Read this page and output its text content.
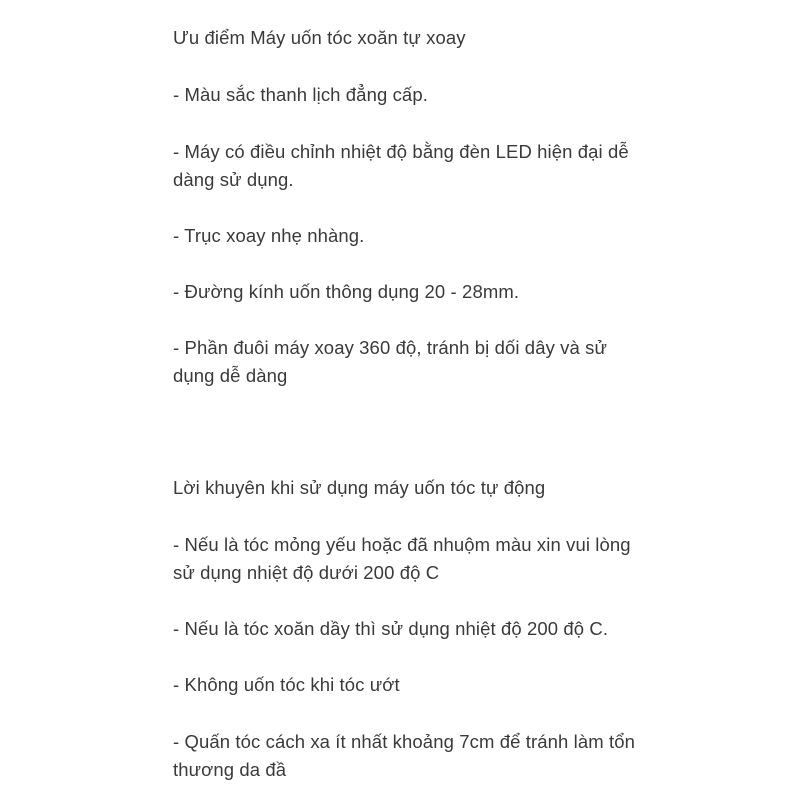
Ưu điểm Máy uốn tóc xoăn tự xoay
- Màu sắc thanh lịch đẳng cấp.
- Máy có điều chỉnh nhiệt độ bằng đèn LED hiện đại dễ
dàng sử dụng.
- Trục xoay nhẹ nhàng.
- Đường kính uốn thông dụng 20 - 28mm.
- Phần đuôi máy xoay 360 độ, tránh bị dối dây và sử
dụng dễ dàng
Lời khuyên khi sử dụng máy uốn tóc tự động
- Nếu là tóc mỏng yếu hoặc đã nhuộm màu xin vui lòng
sử dụng nhiệt độ dưới 200 độ C
- Nếu là tóc xoăn dầy thì sử dụng nhiệt độ 200 độ C.
- Không uốn tóc khi tóc ướt
- Quấn tóc cách xa ít nhất khoảng 7cm để tránh làm tổn
thương da đầ
